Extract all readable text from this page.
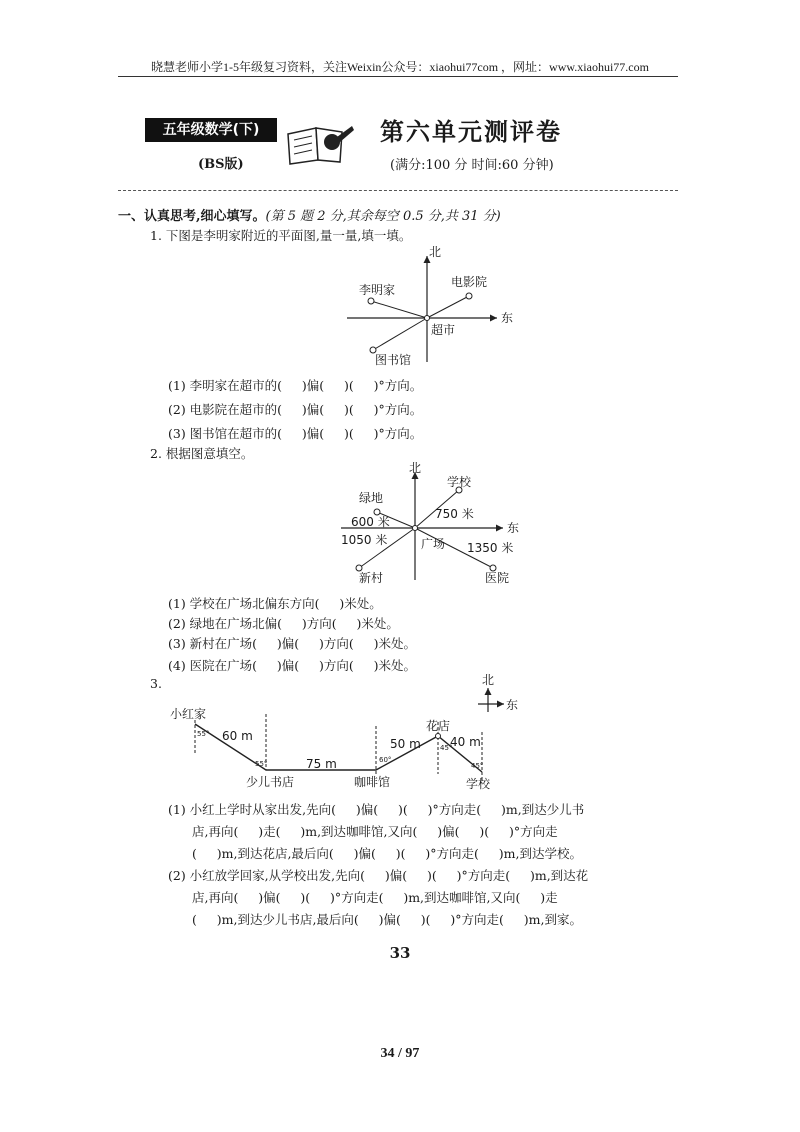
晓慧老师小学1-5年级复习资料，关注Weixin公众号：xiaohui77com ，网址：www.xiaohui77.com
五年级数学(下)
(BS版)
第六单元测评卷
(满分:100 分 时间:60 分钟)
一、认真思考,细心填写。(第 5 题 2 分,其余每空 0.5 分,共 31 分)
1. 下图是李明家附近的平面图,量一量,填一填。
北
东
超市
李明家
电影院
图书馆
(1) 李明家在超市的(     )偏(     )(     )°方向。
(2) 电影院在超市的(     )偏(     )(     )°方向。
(3) 图书馆在超市的(     )偏(     )(     )°方向。
2. 根据图意填空。
北
东
广场
绿地
学校
新村	医院
600 米
750 米
1050 米
1350 米
(1) 学校在广场北偏东方向(     )米处。
(2) 绿地在广场北偏(     )方向(     )米处。
(3) 新村在广场(     )偏(     )方向(     )米处。
(4) 医院在广场(     )偏(     )方向(     )米处。
3.	北
东
小红家
少儿书店	咖啡馆
花店
学校
60 m
75 m
50 m 40 m
55°
55°	60°
45°
45°
(1) 小红上学时从家出发,先向(     )偏(     )(     )°方向走(     )m,到达少儿书
店,再向(     )走(     )m,到达咖啡馆,又向(     )偏(     )(     )°方向走
(     )m,到达花店,最后向(     )偏(     )(     )°方向走(     )m,到达学校。
(2) 小红放学回家,从学校出发,先向(     )偏(     )(     )°方向走(     )m,到达花
店,再向(     )偏(     )(     )°方向走(     )m,到达咖啡馆,又向(     )走
(     )m,到达少儿书店,最后向(     )偏(     )(     )°方向走(     )m,到家。
33
34 / 97
